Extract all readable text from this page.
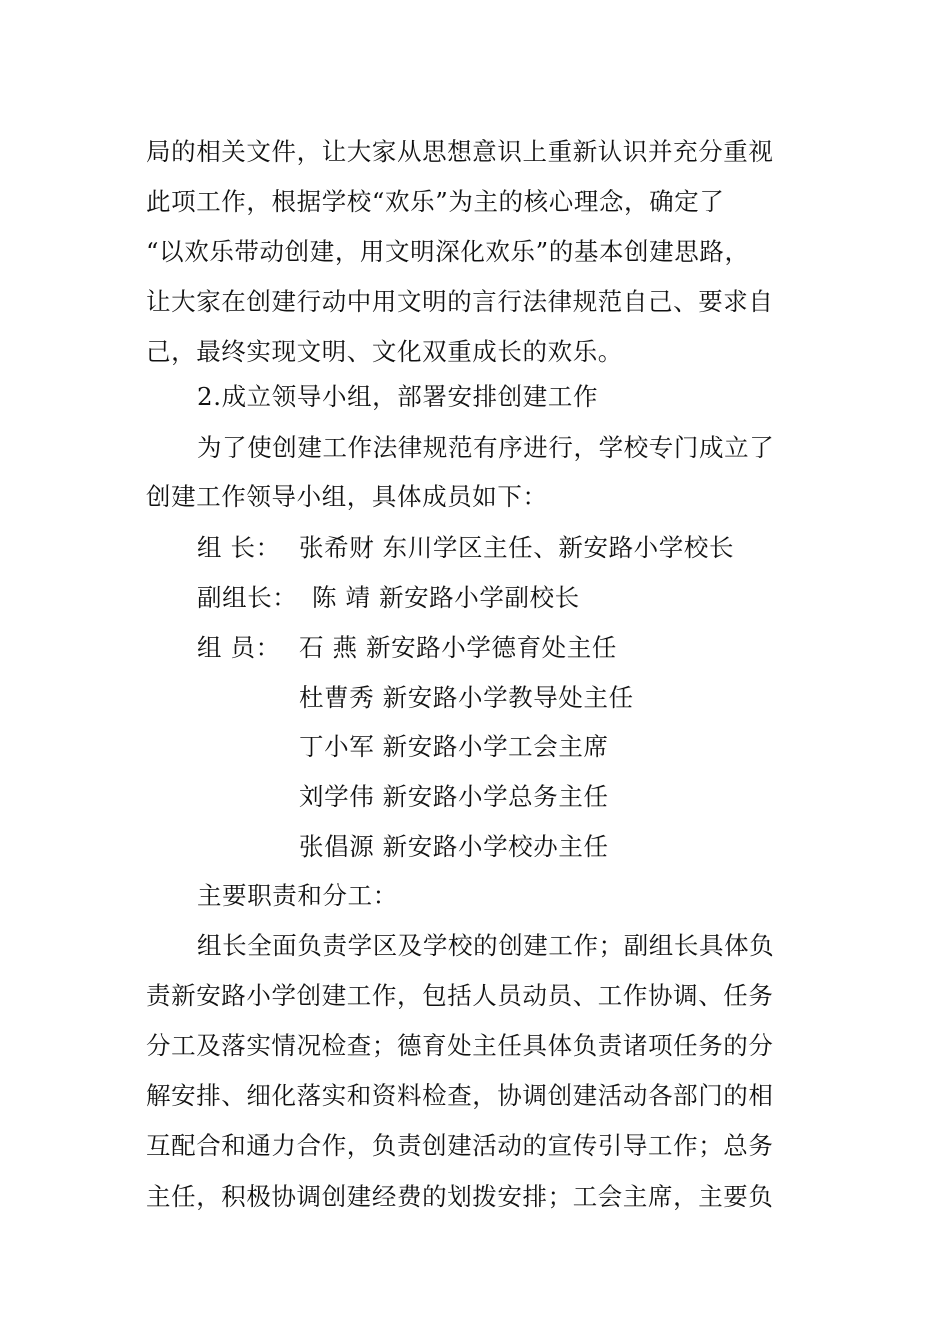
局的相关文件，让大家从思想意识上重新认识并充分重视
此项工作，根据学校“欢乐”为主的核心理念，确定了
“以欢乐带动创建，用文明深化欢乐”的基本创建思路，
让大家在创建行动中用文明的言行法律规范自己、要求自
己，最终实现文明、文化双重成长的欢乐。
2.成立领导小组，部署安排创建工作
为了使创建工作法律规范有序进行，学校专门成立了
创建工作领导小组，具体成员如下：
组 长： 张希财 东川学区主任、新安路小学校长
副组长： 陈 靖 新安路小学副校长
组 员： 石 燕 新安路小学德育处主任
杜曹秀 新安路小学教导处主任
丁小军 新安路小学工会主席
刘学伟 新安路小学总务主任
张倡源 新安路小学校办主任
主要职责和分工：
组长全面负责学区及学校的创建工作；副组长具体负
责新安路小学创建工作，包括人员动员、工作协调、任务
分工及落实情况检查；德育处主任具体负责诸项任务的分
解安排、细化落实和资料检查，协调创建活动各部门的相
互配合和通力合作，负责创建活动的宣传引导工作；总务
主任，积极协调创建经费的划拨安排；工会主席，主要负
